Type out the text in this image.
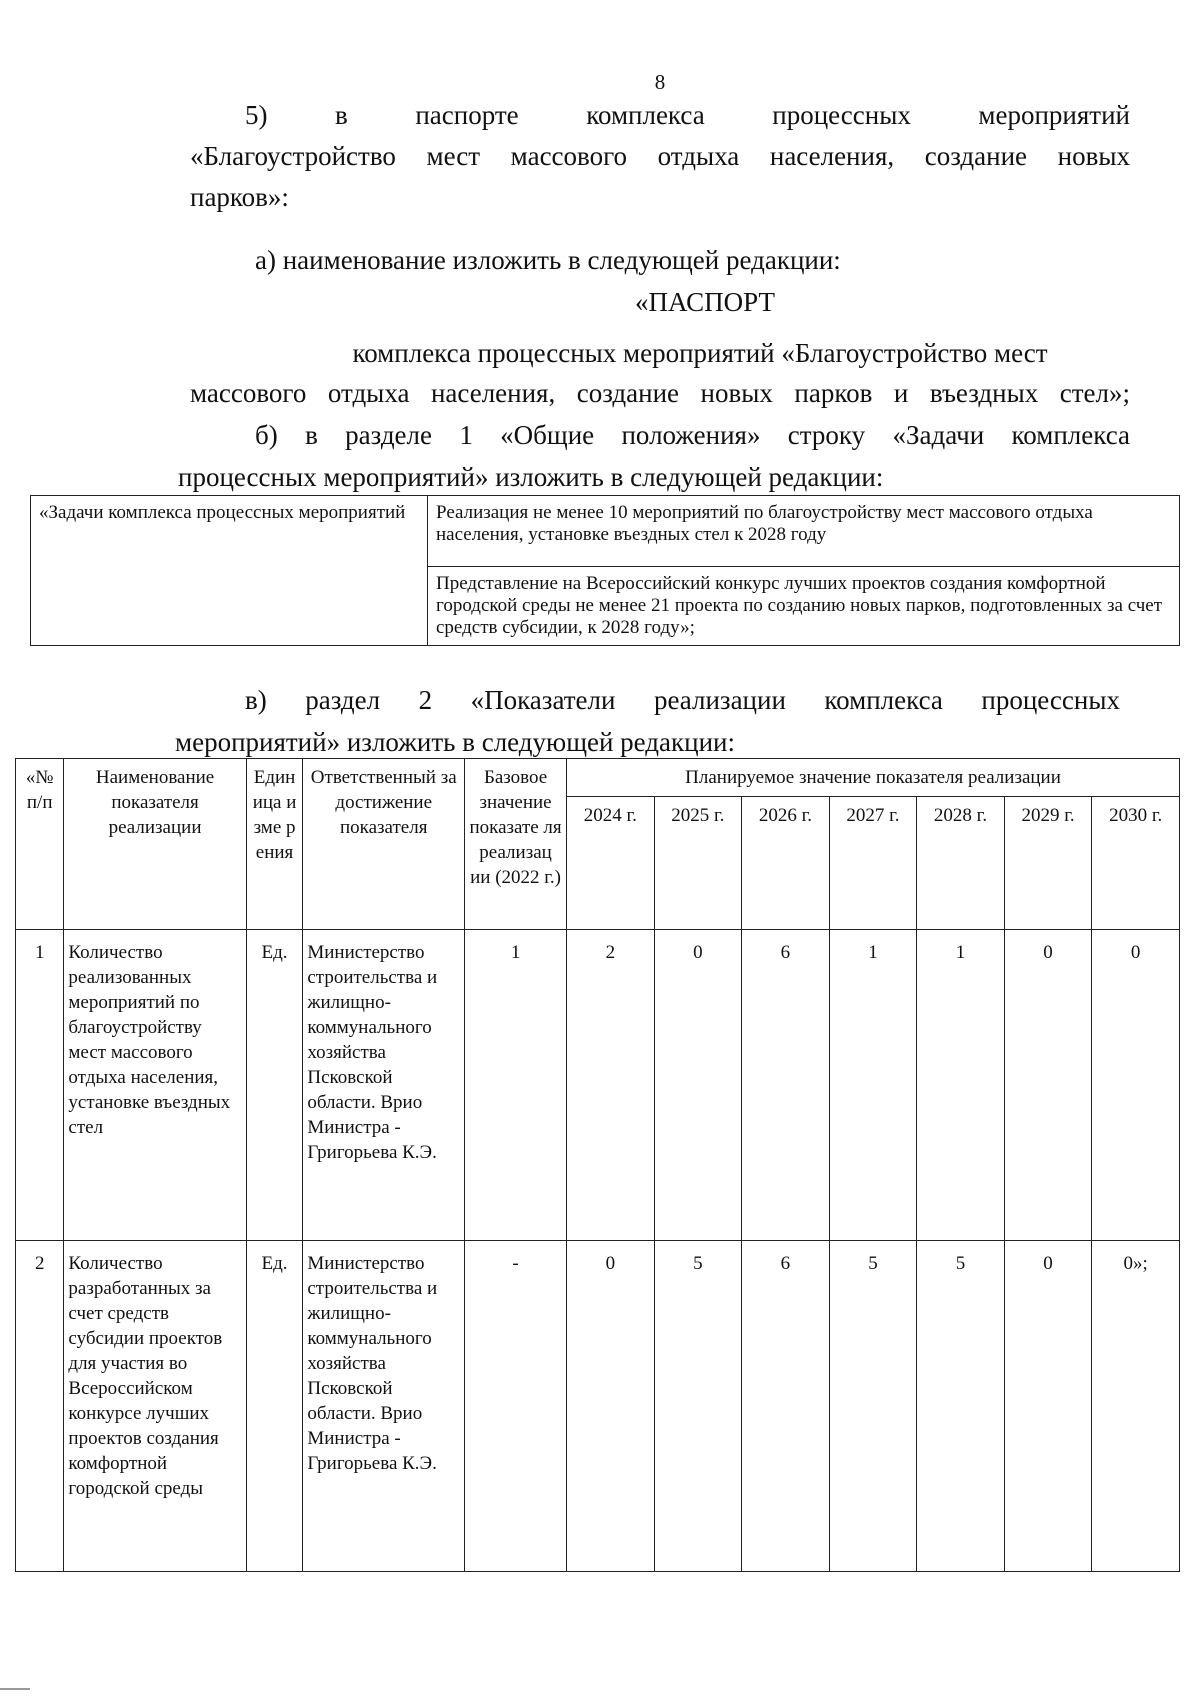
8
5) в паспорте комплекса процессных мероприятий
«Благоустройство мест массового отдыха населения, создание новых
парков»:
а) наименование изложить в следующей редакции:
«ПАСПОРТ
комплекса процессных мероприятий «Благоустройство мест
массового отдыха населения, создание новых парков и въездных стел»;
б) в разделе 1 «Общие положения» строку «Задачи комплекса
процессных мероприятий» изложить в следующей редакции:
«Задачи комплекса процессных мероприятий	Реализация не менее 10 мероприятий по благоустройству мест массового отдыха населения, установке въездных стел к 2028 году
Представление на Всероссийский конкурс лучших проектов создания комфортной городской среды не менее 21 проекта по созданию новых парков, подготовленных за счет средств субсидии, к 2028 году»;
в) раздел 2 «Показатели реализации комплекса процессных
мероприятий» изложить в следующей редакции:
«№ п/п	Наименование показателя реализации	Единица изме рения	Ответственный за достижение показателя	Базовое значение показате ля реализац ии (2022 г.)	Планируемое значение показателя реализации						
					2024 г.	2025 г.	2026 г.	2027 г.	2028 г.	2029 г.	2030 г.
1	Количество реализованных мероприятий по благоустройству мест массового отдыха населения, установке въездных стел	Ед.	Министерство строительства и жилищно-коммунального хозяйства Псковской области. Врио Министра - Григорьева К.Э.	1	2	0	6	1	1	0	0
2	Количество разработанных за счет средств субсидии проектов для участия во Всероссийском конкурсе лучших проектов создания комфортной городской среды	Ед.	Министерство строительства и жилищно-коммунального хозяйства Псковской области. Врио Министра - Григорьева К.Э.	-	0	5	6	5	5	0	0»;
